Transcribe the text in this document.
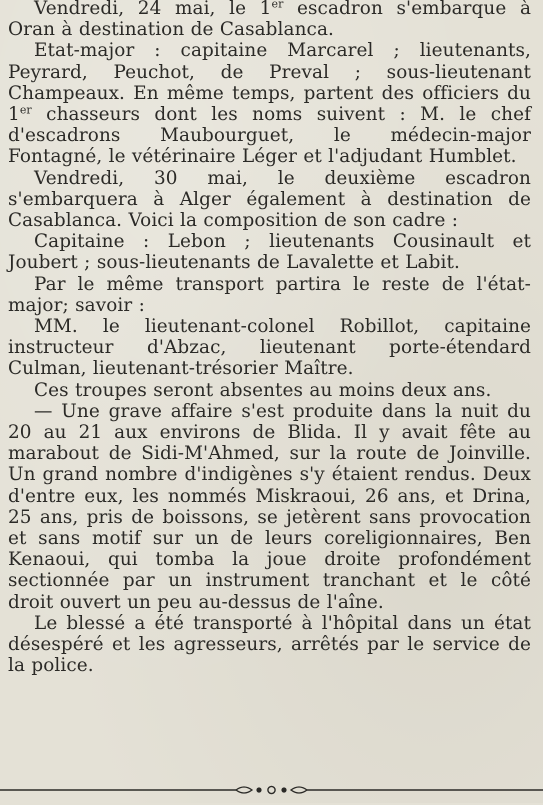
Vendredi, 24 mai, le 1er escadron s'embarque à Oran à destination de Casablanca.

Etat-major : capitaine Marcarel ; lieutenants, Peyrard, Peuchot, de Preval ; sous-lieutenant Champeaux. En même temps, partent des officiers du 1er chasseurs dont les noms suivent : M. le chef d'escadrons Maubourguet, le médecin-major Fontagné, le vétérinaire Léger et l'adjudant Humblet.

Vendredi, 30 mai, le deuxième escadron s'embarquera à Alger également à destination de Casablanca. Voici la composition de son cadre :

Capitaine : Lebon ; lieutenants Cousinault et Joubert ; sous-lieutenants de Lavalette et Labit.

Par le même transport partira le reste de l'état-major; savoir :

MM. le lieutenant-colonel Robillot, capitaine instructeur d'Abzac, lieutenant porte-étendard Culman, lieutenant-trésorier Maître.

Ces troupes seront absentes au moins deux ans.

— Une grave affaire s'est produite dans la nuit du 20 au 21 aux environs de Blida. Il y avait fête au marabout de Sidi-M'Ahmed, sur la route de Joinville. Un grand nombre d'indigènes s'y étaient rendus. Deux d'entre eux, les nommés Miskraoui, 26 ans, et Drina, 25 ans, pris de boissons, se jetèrent sans provocation et sans motif sur un de leurs coreligionnaires, Ben Kenaoui, qui tomba la joue droite profondément sectionnée par un instrument tranchant et le côté droit ouvert un peu au-dessus de l'aîne.

Le blessé a été transporté à l'hôpital dans un état désespéré et les agresseurs, arrêtés par le service de la police.
